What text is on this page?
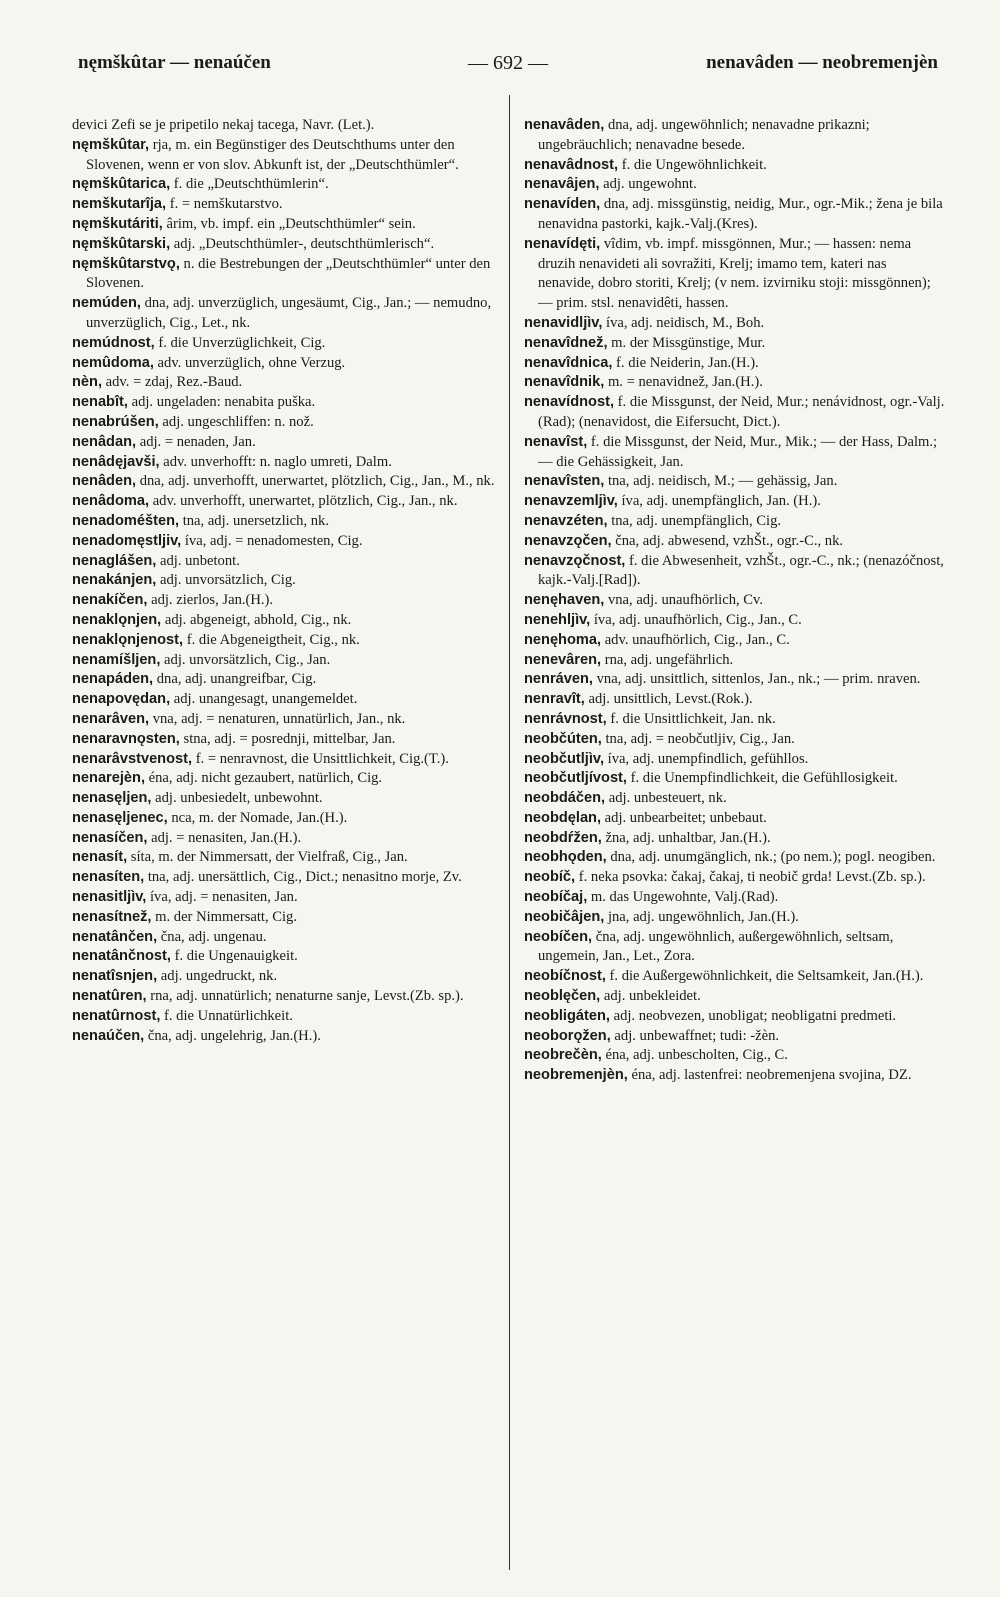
nęmškûtar — nenaúčen	— 692 —	nenavâden — neobremenjèn

devici Zefi se je pripetilo nekaj tacega, Navr. (Let.).

nęmškûtar, rja, m. ein Begünstiger des Deutschthums unter den Slovenen, wenn er von slov. Abkunft ist, der „Deutschthümler“.

nęmškûtarica, f. die „Deutschthümlerin“.

nemškutarîja, f. = nemškutarstvo.

nęmškutáriti, ârim, vb. impf. ein „Deutschthümler“ sein.

nęmškûtarski, adj. „Deutschthümler-, deutschthümlerisch“.

nęmškûtarstvǫ, n. die Bestrebungen der „Deutschthümler“ unter den Slovenen.

nemúden, dna, adj. unverzüglich, ungesäumt, Cig., Jan.; — nemudno, unverzüglich, Cig., Let., nk.

nemúdnost, f. die Unverzüglichkeit, Cig.

nemûdoma, adv. unverzüglich, ohne Verzug.

nèn, adv. = zdaj, Rez.-Baud.

nenabît, adj. ungeladen: nenabita puška.

nenabrúšen, adj. ungeschliffen: n. nož.

nenâdan, adj. = nenaden, Jan.

nenâdęjavši, adv. unverhofft: n. naglo umreti, Dalm.

nenâden, dna, adj. unverhofft, unerwartet, plötzlich, Cig., Jan., M., nk.

nenâdoma, adv. unverhofft, unerwartet, plötzlich, Cig., Jan., nk.

nenadoméšten, tna, adj. unersetzlich, nk.

nenadomęstljiv, íva, adj. = nenadomesten, Cig.

nenaglášen, adj. unbetont.

nenakánjen, adj. unvorsätzlich, Cig.

nenakíčen, adj. zierlos, Jan.(H.).

nenaklǫnjen, adj. abgeneigt, abhold, Cig., nk.

nenaklǫnjenost, f. die Abgeneigtheit, Cig., nk.

nenamíšljen, adj. unvorsätzlich, Cig., Jan.

nenapáden, dna, adj. unangreifbar, Cig.

nenapovędan, adj. unangesagt, unangemeldet.

nenarâven, vna, adj. = nenaturen, unnatürlich, Jan., nk.

nenaravnǫsten, stna, adj. = posrednji, mittelbar, Jan.

nenarâvstvenost, f. = nenravnost, die Unsittlichkeit, Cig.(T.).

nenarejèn, éna, adj. nicht gezaubert, natürlich, Cig.

nenasęljen, adj. unbesiedelt, unbewohnt.

nenasęljenec, nca, m. der Nomade, Jan.(H.).

nenasíčen, adj. = nenasiten, Jan.(H.).

nenasít, síta, m. der Nimmersatt, der Vielfraß, Cig., Jan.

nenasíten, tna, adj. unersättlich, Cig., Dict.; nenasitno morje, Zv.

nenasitljìv, íva, adj. = nenasiten, Jan.

nenasítnež, m. der Nimmersatt, Cig.

nenatânčen, čna, adj. ungenau.

nenatânčnost, f. die Ungenauigkeit.

nenatîsnjen, adj. ungedruckt, nk.

nenatûren, rna, adj. unnatürlich; nenaturne sanje, Levst.(Zb. sp.).

nenatûrnost, f. die Unnatürlichkeit.

nenaúčen, čna, adj. ungelehrig, Jan.(H.).

nenavâden, dna, adj. ungewöhnlich; nenavadne prikazni; ungebräuchlich; nenavadne besede.

nenavâdnost, f. die Ungewöhnlichkeit.

nenavâjen, adj. ungewohnt.

nenavíden, dna, adj. missgünstig, neidig, Mur., ogr.-Mik.; žena je bila nenavidna pastorki, kajk.-Valj.(Kres).

nenavídęti, vîdim, vb. impf. missgönnen, Mur.; — hassen: nema druzih nenavideti ali sovražiti, Krelj; imamo tem, kateri nas nenavide, dobro storiti, Krelj; (v nem. izvirniku stoji: missgönnen); — prim. stsl. nenavidêti, hassen.

nenavidljìv, íva, adj. neidisch, M., Boh.

nenavîdnež, m. der Missgünstige, Mur.

nenavîdnica, f. die Neiderin, Jan.(H.).

nenavîdnik, m. = nenavidnež, Jan.(H.).

nenavídnost, f. die Missgunst, der Neid, Mur.; nenávidnost, ogr.-Valj.(Rad); (nenavidost, die Eifersucht, Dict.).

nenavîst, f. die Missgunst, der Neid, Mur., Mik.; — der Hass, Dalm.; — die Gehässigkeit, Jan.

nenavîsten, tna, adj. neidisch, M.; — gehässig, Jan.

nenavzemljìv, íva, adj. unempfänglich, Jan. (H.).

nenavzéten, tna, adj. unempfänglich, Cig.

nenavzǫčen, čna, adj. abwesend, vzhŠt., ogr.-C., nk.

nenavzǫčnost, f. die Abwesenheit, vzhŠt., ogr.-C., nk.; (nenazóčnost, kajk.-Valj.[Rad]).

nenęhaven, vna, adj. unaufhörlich, Cv.

nenehljìv, íva, adj. unaufhörlich, Cig., Jan., C.

nenęhoma, adv. unaufhörlich, Cig., Jan., C.

nenevâren, rna, adj. ungefährlich.

nenráven, vna, adj. unsittlich, sittenlos, Jan., nk.; — prim. nraven.

nenravît, adj. unsittlich, Levst.(Rok.).

nenrávnost, f. die Unsittlichkeit, Jan. nk.

neobčúten, tna, adj. = neobčutljiv, Cig., Jan.

neobčutljìv, íva, adj. unempfindlich, gefühllos.

neobčutljívost, f. die Unempfindlichkeit, die Gefühllosigkeit.

neobdáčen, adj. unbesteuert, nk.

neobdęlan, adj. unbearbeitet; unbebaut.

neobdŕžen, žna, adj. unhaltbar, Jan.(H.).

neobhǫden, dna, adj. unumgänglich, nk.; (po nem.); pogl. neogiben.

neobíč, f. neka psovka: čakaj, čakaj, ti neobič grda! Levst.(Zb. sp.).

neobíčaj, m. das Ungewohnte, Valj.(Rad).

neobičâjen, jna, adj. ungewöhnlich, Jan.(H.).

neobíčen, čna, adj. ungewöhnlich, außergewöhnlich, seltsam, ungemein, Jan., Let., Zora.

neobíčnost, f. die Außergewöhnlichkeit, die Seltsamkeit, Jan.(H.).

neoblęčen, adj. unbekleidet.

neobligáten, adj. neobvezen, unobligat; neobligatni predmeti.

neoborǫžen, adj. unbewaffnet; tudi: -žèn.

neobrečèn, éna, adj. unbescholten, Cig., C.

neobremenjèn, éna, adj. lastenfrei: neobremenjena svojina, DZ.
